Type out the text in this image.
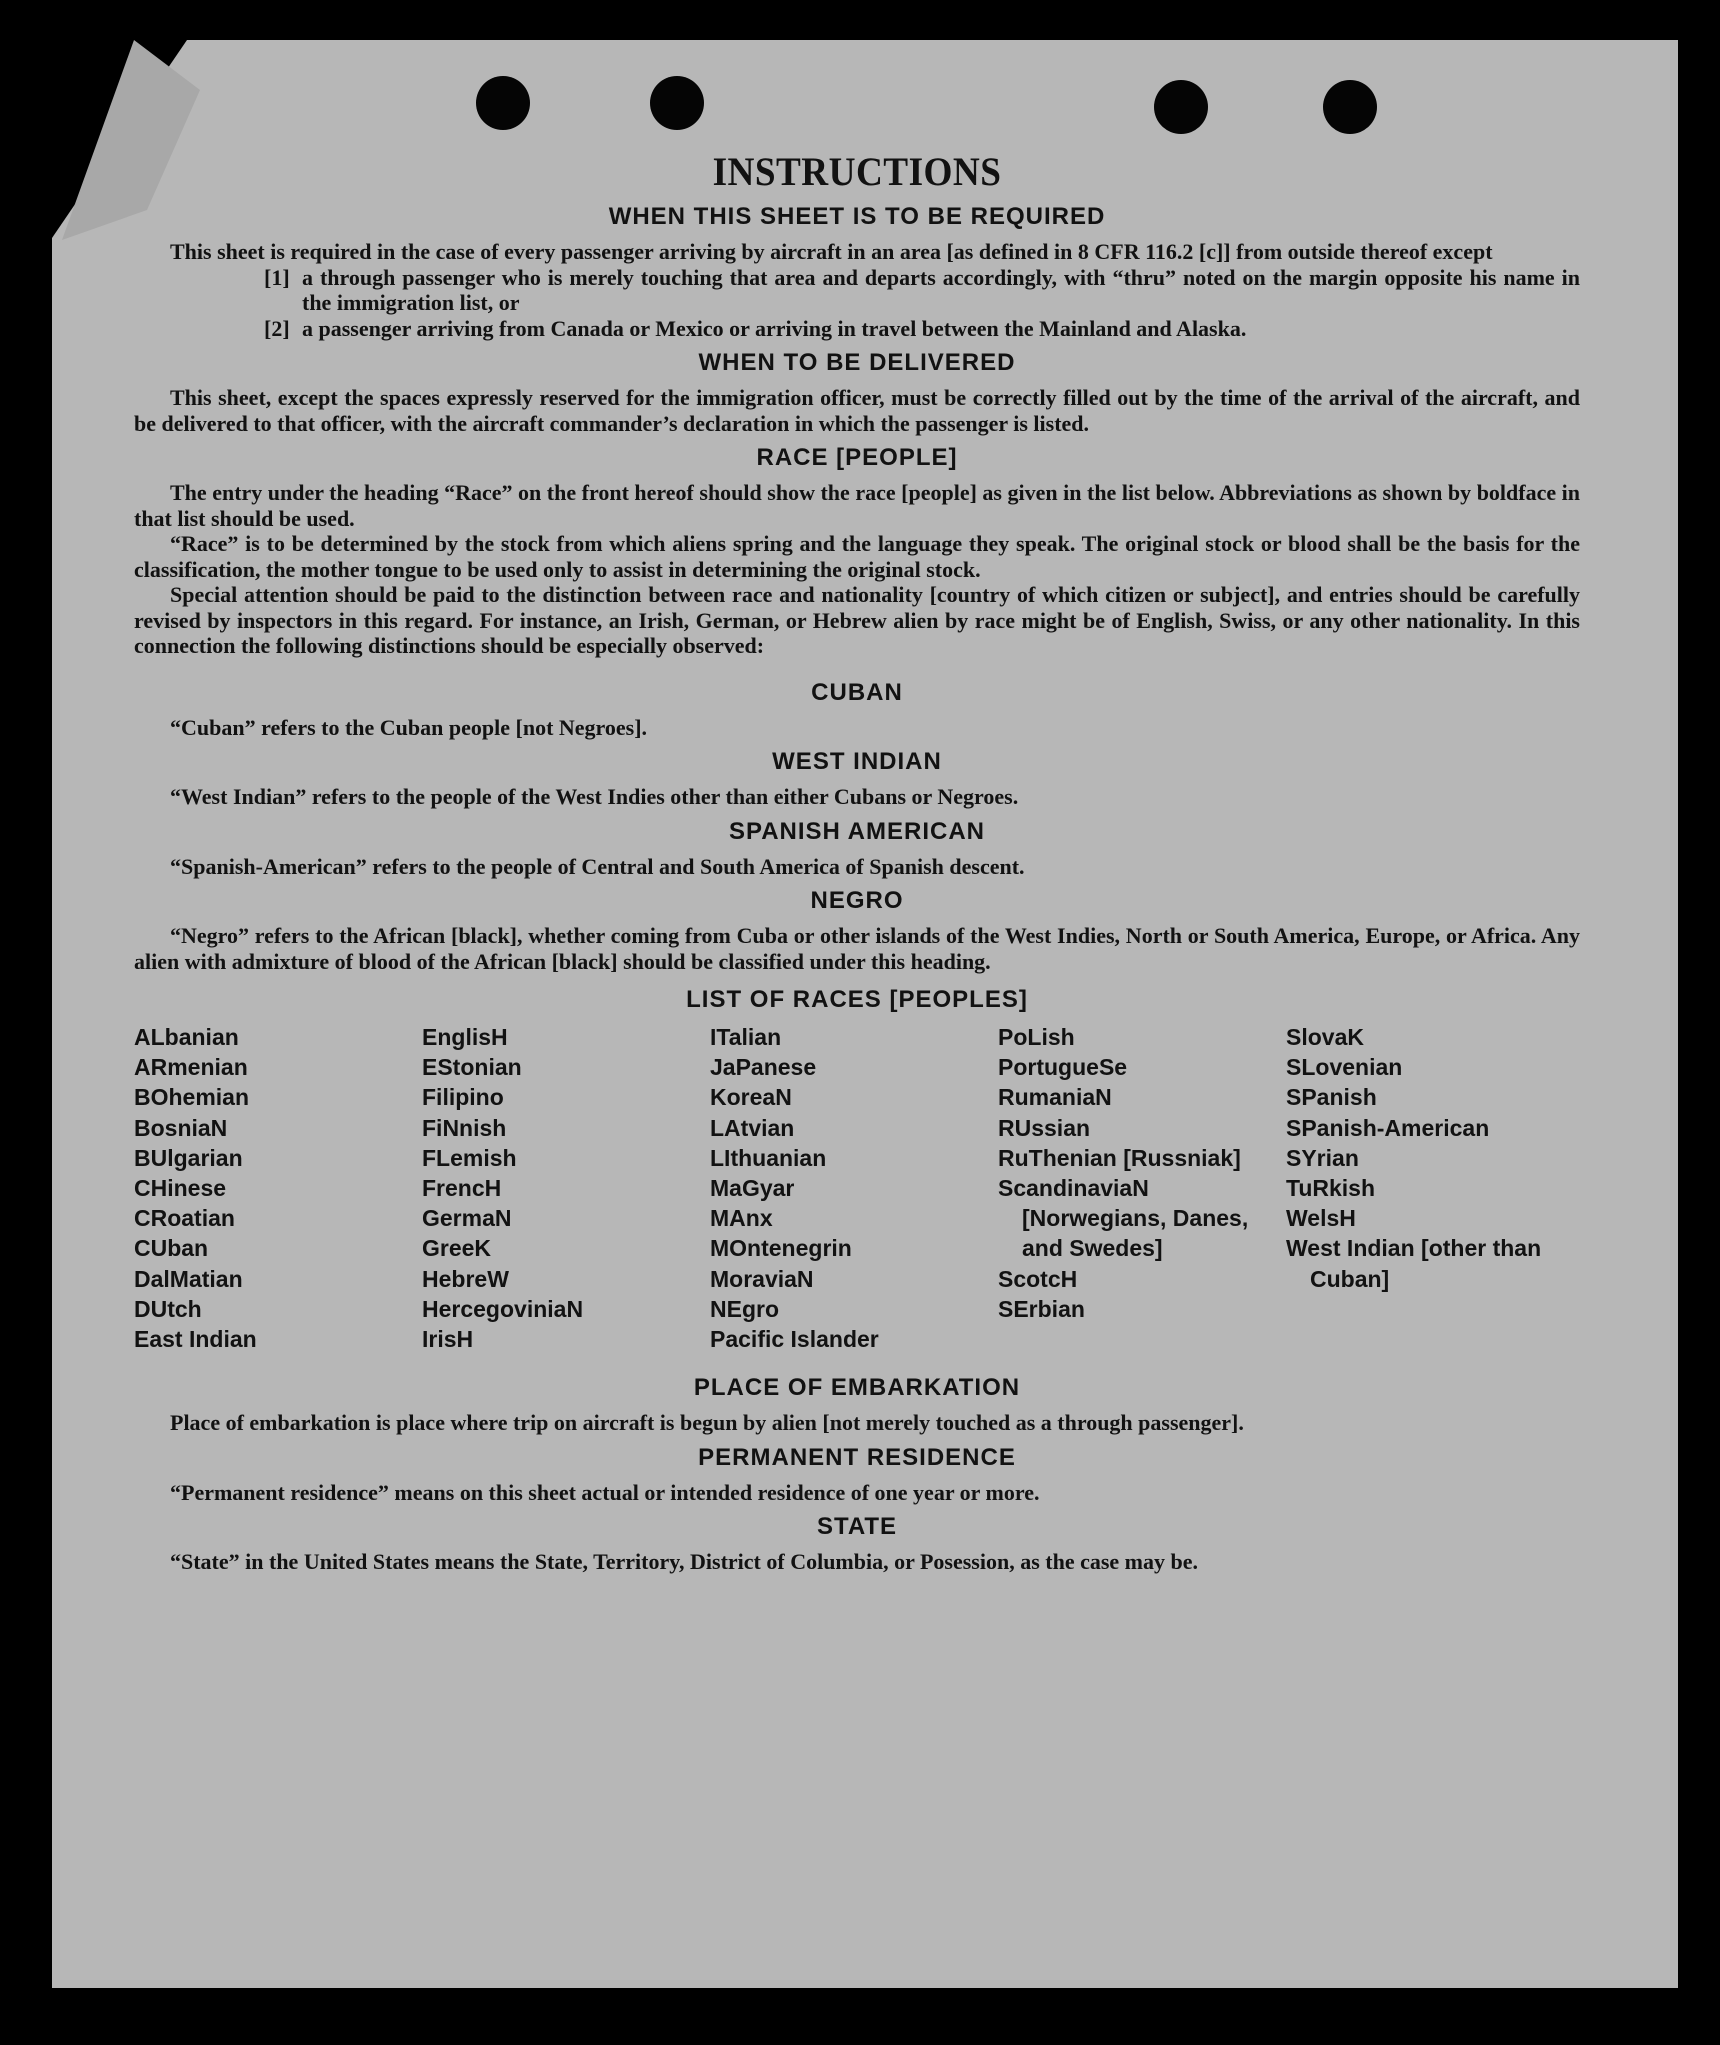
INSTRUCTIONS
WHEN THIS SHEET IS TO BE REQUIRED

This sheet is required in the case of every passenger arriving by aircraft in an area [as defined in 8 CFR 116.2 [c]] from outside thereof except

[1] a through passenger who is merely touching that area and departs accordingly, with “thru” noted on the margin opposite his name in the immigration list, or

[2] a passenger arriving from Canada or Mexico or arriving in travel between the Mainland and Alaska.

WHEN TO BE DELIVERED

This sheet, except the spaces expressly reserved for the immigration officer, must be correctly filled out by the time of the arrival of the aircraft, and be delivered to that officer, with the aircraft commander’s declaration in which the passenger is listed.

RACE [PEOPLE]

The entry under the heading “Race” on the front hereof should show the race [people] as given in the list below. Abbreviations as shown by boldface in that list should be used.

“Race” is to be determined by the stock from which aliens spring and the language they speak. The original stock or blood shall be the basis for the classification, the mother tongue to be used only to assist in determining the original stock.

Special attention should be paid to the distinction between race and nationality [country of which citizen or subject], and entries should be carefully revised by inspectors in this regard. For instance, an Irish, German, or Hebrew alien by race might be of English, Swiss, or any other nationality. In this connection the following distinctions should be especially observed:

CUBAN

“Cuban” refers to the Cuban people [not Negroes].

WEST INDIAN

“West Indian” refers to the people of the West Indies other than either Cubans or Negroes.

SPANISH AMERICAN

“Spanish-American” refers to the people of Central and South America of Spanish descent.

NEGRO

“Negro” refers to the African [black], whether coming from Cuba or other islands of the West Indies, North or South America, Europe, or Africa. Any alien with admixture of blood of the African [black] should be classified under this heading.

LIST OF RACES [PEOPLES]
ALbanian
ARmenian
BOhemian
BosniaN
BUlgarian
CHinese
CRoatian
CUban
DalMatian
DUtch
East Indian
EnglisH
EStonian
Filipino
FiNnish
FLemish
FrencH
GermaN
GreeK
HebreW
HercegoviniaN
IrisH
ITalian
JaPanese
KoreaN
LAtvian
LIthuanian
MaGyar
MAnx
MOntenegrin
MoraviaN
NEgro
Pacific Islander
PoLish
PortugueSe
RumaniaN
RUssian
RuThenian [Russniak]
ScandinaviaN [Norwegians, Danes, and Swedes]
ScotcH
SErbian
SlovaK
SLovenian
SPanish
SPanish-American
SYrian
TuRkish
WelsH
West Indian [other than Cuban]
PLACE OF EMBARKATION

Place of embarkation is place where trip on aircraft is begun by alien [not merely touched as a through passenger].

PERMANENT RESIDENCE

“Permanent residence” means on this sheet actual or intended residence of one year or more.

STATE

“State” in the United States means the State, Territory, District of Columbia, or Posession, as the case may be.
